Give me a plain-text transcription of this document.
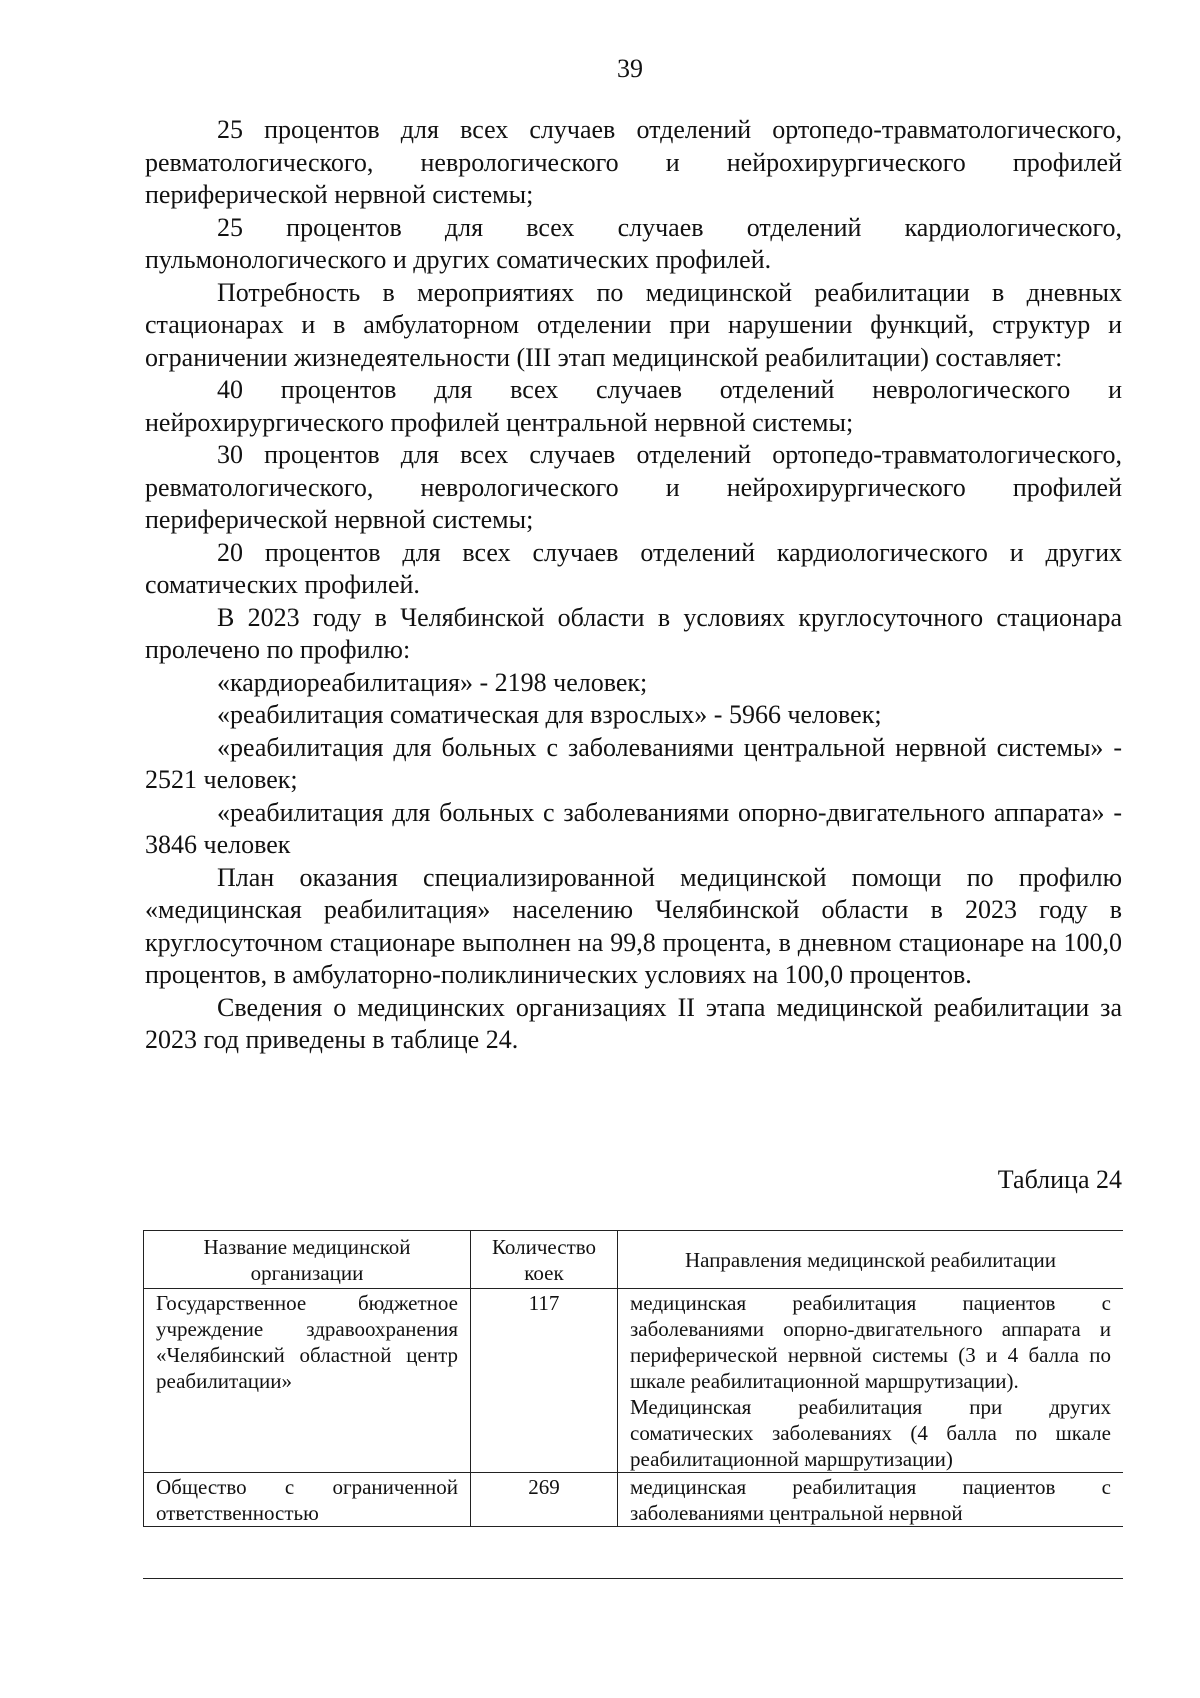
39

25 процентов для всех случаев отделений ортопедо-травматологического, ревматологического, неврологического и нейрохирургического профилей периферической нервной системы;

25 процентов для всех случаев отделений кардиологического, пульмонологического и других соматических профилей.

Потребность в мероприятиях по медицинской реабилитации в дневных стационарах и в амбулаторном отделении при нарушении функций, структур и ограничении жизнедеятельности (III этап медицинской реабилитации) составляет:

40 процентов для всех случаев отделений неврологического и нейрохирургического профилей центральной нервной системы;

30 процентов для всех случаев отделений ортопедо-травматологического, ревматологического, неврологического и нейрохирургического профилей периферической нервной системы;

20 процентов для всех случаев отделений кардиологического и других соматических профилей.

В 2023 году в Челябинской области в условиях круглосуточного стационара пролечено по профилю:

«кардиореабилитация» - 2198 человек;

«реабилитация соматическая для взрослых» - 5966 человек;

«реабилитация для больных с заболеваниями центральной нервной системы» - 2521 человек;

«реабилитация для больных с заболеваниями опорно-двигательного аппарата» - 3846 человек

План оказания специализированной медицинской помощи по профилю «медицинская реабилитация» населению Челябинской области в 2023 году в круглосуточном стационаре выполнен на 99,8 процента, в дневном стационаре на 100,0 процентов, в амбулаторно-поликлинических условиях на 100,0 процентов.

Сведения о медицинских организациях II этапа медицинской реабилитации за 2023 год приведены в таблице 24.

Таблица 24
Название медицинской организации	Количество коек	Направления медицинской реабилитации
Государственное бюджетное учреждение здравоохранения «Челябинский областной центр реабилитации»	117	медицинская реабилитация пациентов с заболеваниями опорно-двигательного аппарата и периферической нервной системы (3 и 4 балла по шкале реабилитационной маршрутизации).

Медицинская реабилитация при других соматических заболеваниях (4 балла по шкале реабилитационной маршрутизации)

Общество с ограниченной ответственностью	269	медицинская реабилитация пациентов с заболеваниями центральной нервной
